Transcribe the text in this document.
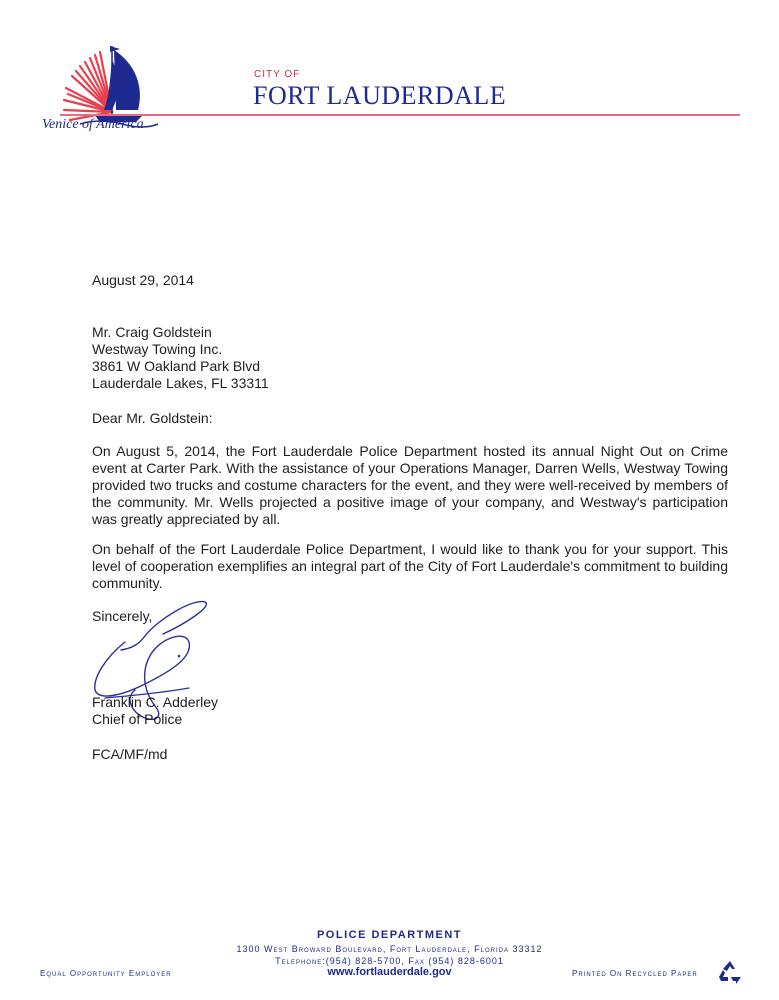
Venice of America
CITY OF
FORT LAUDERDALE
August 29, 2014
Mr. Craig Goldstein
Westway Towing Inc.
3861 W Oakland Park Blvd
Lauderdale Lakes, FL 33311
Dear Mr. Goldstein:
On August 5, 2014, the Fort Lauderdale Police Department hosted its annual Night Out on Crime event at Carter Park. With the assistance of your Operations Manager, Darren Wells, Westway Towing provided two trucks and costume characters for the event, and they were well-received by members of the community. Mr. Wells projected a positive image of your company, and Westway's participation was greatly appreciated by all.
On behalf of the Fort Lauderdale Police Department, I would like to thank you for your support. This level of cooperation exemplifies an integral part of the City of Fort Lauderdale's commitment to building community.
Sincerely,
Franklin C. Adderley
Chief of Police
FCA/MF/md
POLICE DEPARTMENT
1300 West Broward Boulevard, Fort Lauderdale, Florida 33312
Telephone:(954) 828-5700, Fax (954) 828-6001
www.fortlauderdale.gov
Equal Opportunity Employer	Printed On Recycled Paper
